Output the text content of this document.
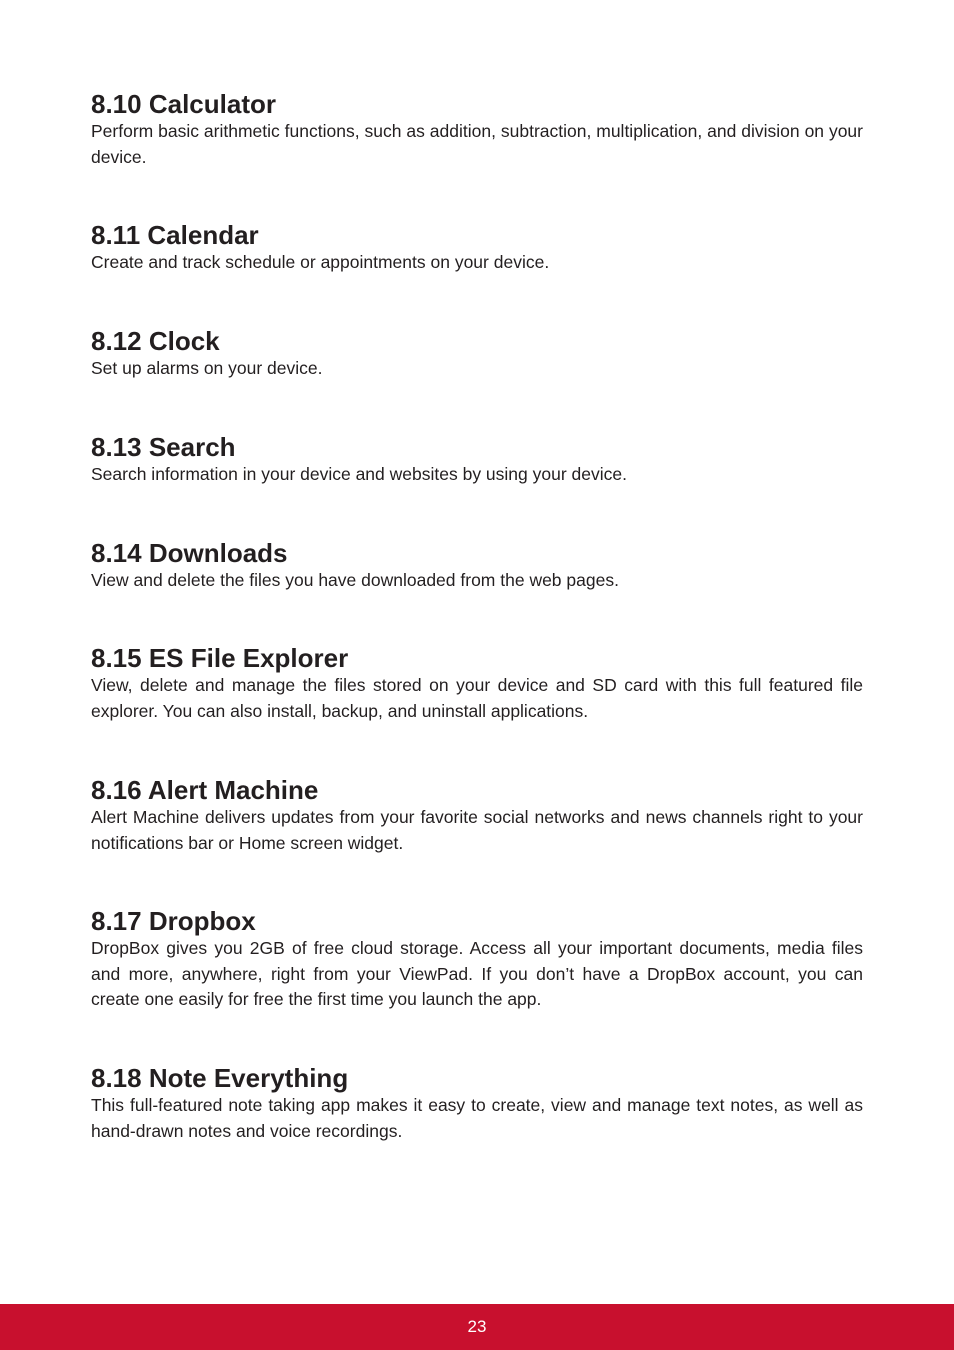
8.10 Calculator

Perform basic arithmetic functions, such as addition, subtraction, multiplication, and division on your device.

8.11 Calendar

Create and track schedule or appointments on your device.

8.12 Clock

Set up alarms on your device.

8.13 Search

Search information in your device and websites by using your device.

8.14 Downloads

View and delete the files you have downloaded from the web pages.

8.15 ES File Explorer

View, delete and manage the files stored on your device and SD card with this full featured file explorer. You can also install, backup, and uninstall applications.

8.16 Alert Machine

Alert Machine delivers updates from your favorite social networks and news channels right to your notifications bar or Home screen widget.

8.17 Dropbox

DropBox gives you 2GB of free cloud storage. Access all your important documents, media files and more, anywhere, right from your ViewPad. If you don’t have a DropBox account, you can create one easily for free the first time you launch the app.

8.18 Note Everything

This full-featured note taking app makes it easy to create, view and manage text notes, as well as hand-drawn notes and voice recordings.

23
